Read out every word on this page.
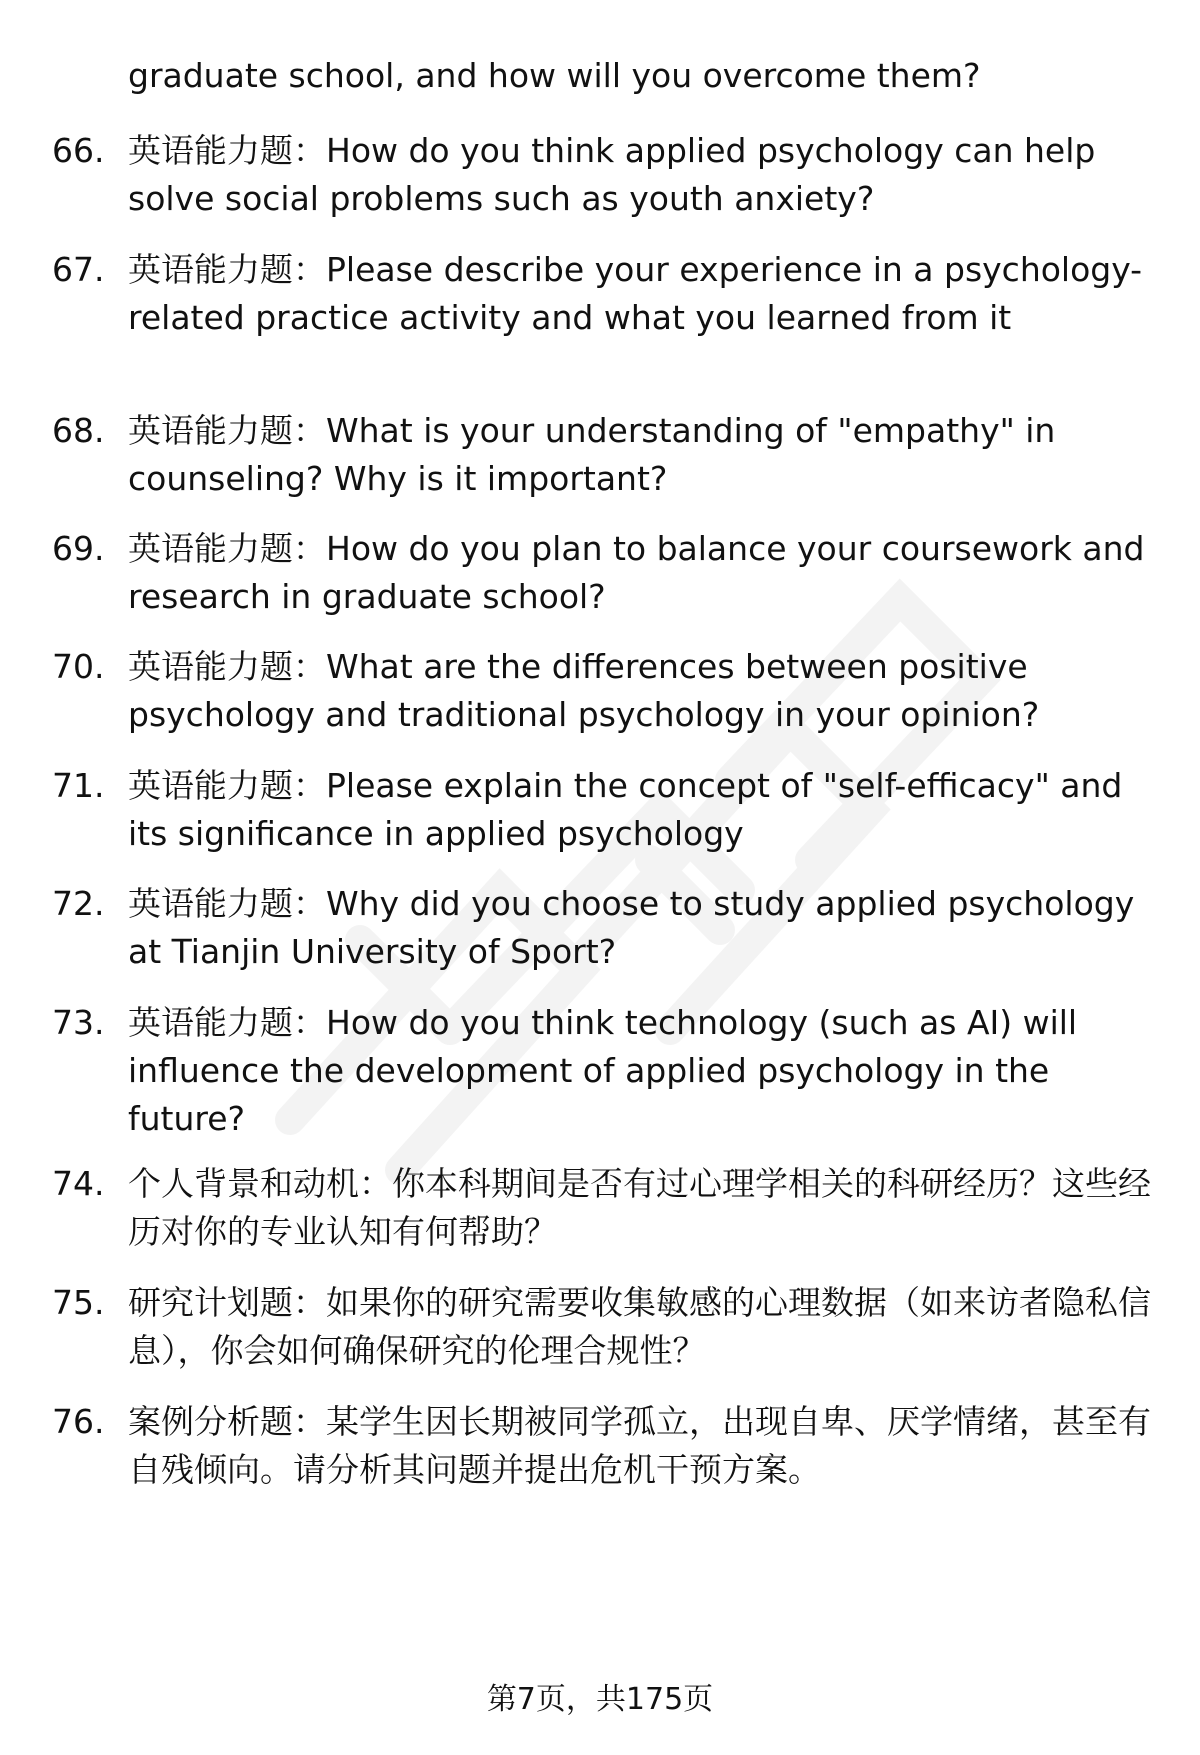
graduate school, and how will you overcome them?
66. 英语能力题：How do you think applied psychology can help solve social problems such as youth anxiety?
67. 英语能力题：Please describe your experience in a psychology-related practice activity and what you learned from it
68. 英语能力题：What is your understanding of "empathy" in counseling? Why is it important?
69. 英语能力题：How do you plan to balance your coursework and research in graduate school?
70. 英语能力题：What are the differences between positive psychology and traditional psychology in your opinion?
71. 英语能力题：Please explain the concept of "self-efficacy" and its significance in applied psychology
72. 英语能力题：Why did you choose to study applied psychology at Tianjin University of Sport?
73. 英语能力题：How do you think technology (such as AI) will influence the development of applied psychology in the future?
74. 个人背景和动机：你本科期间是否有过心理学相关的科研经历？这些经历对你的专业认知有何帮助？
75. 研究计划题：如果你的研究需要收集敏感的心理数据（如来访者隐私信息），你会如何确保研究的伦理合规性？
76. 案例分析题：某学生因长期被同学孤立，出现自卑、厌学情绪，甚至有自残倾向。请分析其问题并提出危机干预方案。
第7页，共175页
